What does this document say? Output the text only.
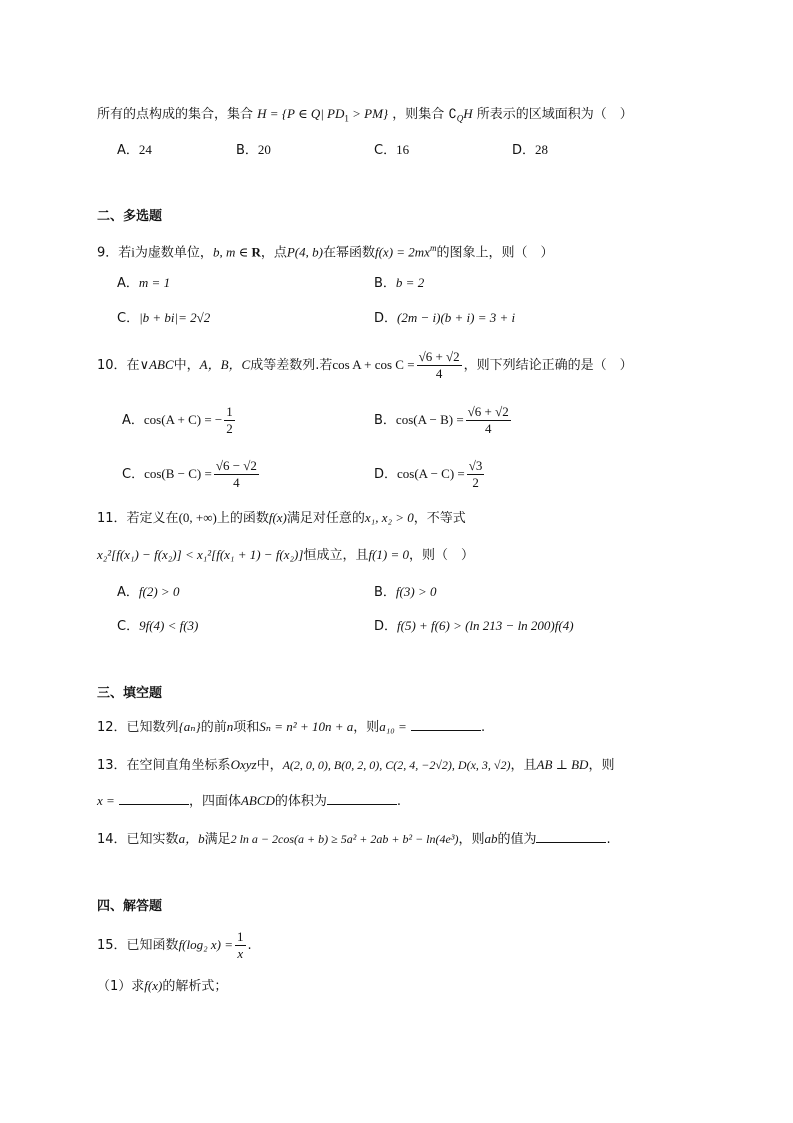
所有的点构成的集合，集合 H = {P ∈ Q| $PD_1 > PM$} ，则集合 $∁_QH$ 所表示的区域面积为（　）
A．24	B．20	C．16	D．28
二、多选题
9．若i为虚数单位，b, m ∈ R，点P(4, b)在幂函数$f(x) = 2mx^m$的图象上，则（　）
A．m = 1	B．b = 2
C．|b + bi|= 2√2	D．(2m − i)(b + i) = 3 + i
10．在∨ABC中，A，B，C成等差数列.若$\cos A + \cos C = \frac{√6 + √2}{4}$ ，则下列结论正确的是（　）
A．cos(A + C) = − $\frac{1}{2}$	B．$\cos(A - B) = \frac{√6 + √2}{4}$
C．$\cos(B - C) = \frac{√6 - √2}{4}$	D．$\cos(A - C) = \frac{√3}{2}$
11．若定义在(0, +∞)上的函数f(x)满足对任意的x₁, x₂ > 0，不等式
x₂²[f(x₁) − f(x₂)] < x₁²[f(x₁ + 1) − f(x₂)]恒成立，且f(1) = 0，则（　）
A．f(2) > 0	B．f(3) > 0
C．9f(4) < f(3)	D．f(5) + f(6) > (ln 213 − ln 200)f(4)
三、填空题
12．已知数列{aₙ}的前n项和Sₙ = n² + 10n + a，则a₁₀ =	.
13．在空间直角坐标系Oxyz中，A(2, 0, 0), B(0, 2, 0), C(2, 4, −2√2), D(x, 3, √2)，且AB ⊥ BD，则
x =	，四面体ABCD的体积为	.
14．已知实数a，b满足2 ln a − 2cos(a + b) ≥ 5a² + 2ab + b² − ln(4e³)，则ab的值为	.
四、解答题
15．已知函数f(log₂ $x) = \frac{1}{x}$ .
（1）求f(x)的解析式；
